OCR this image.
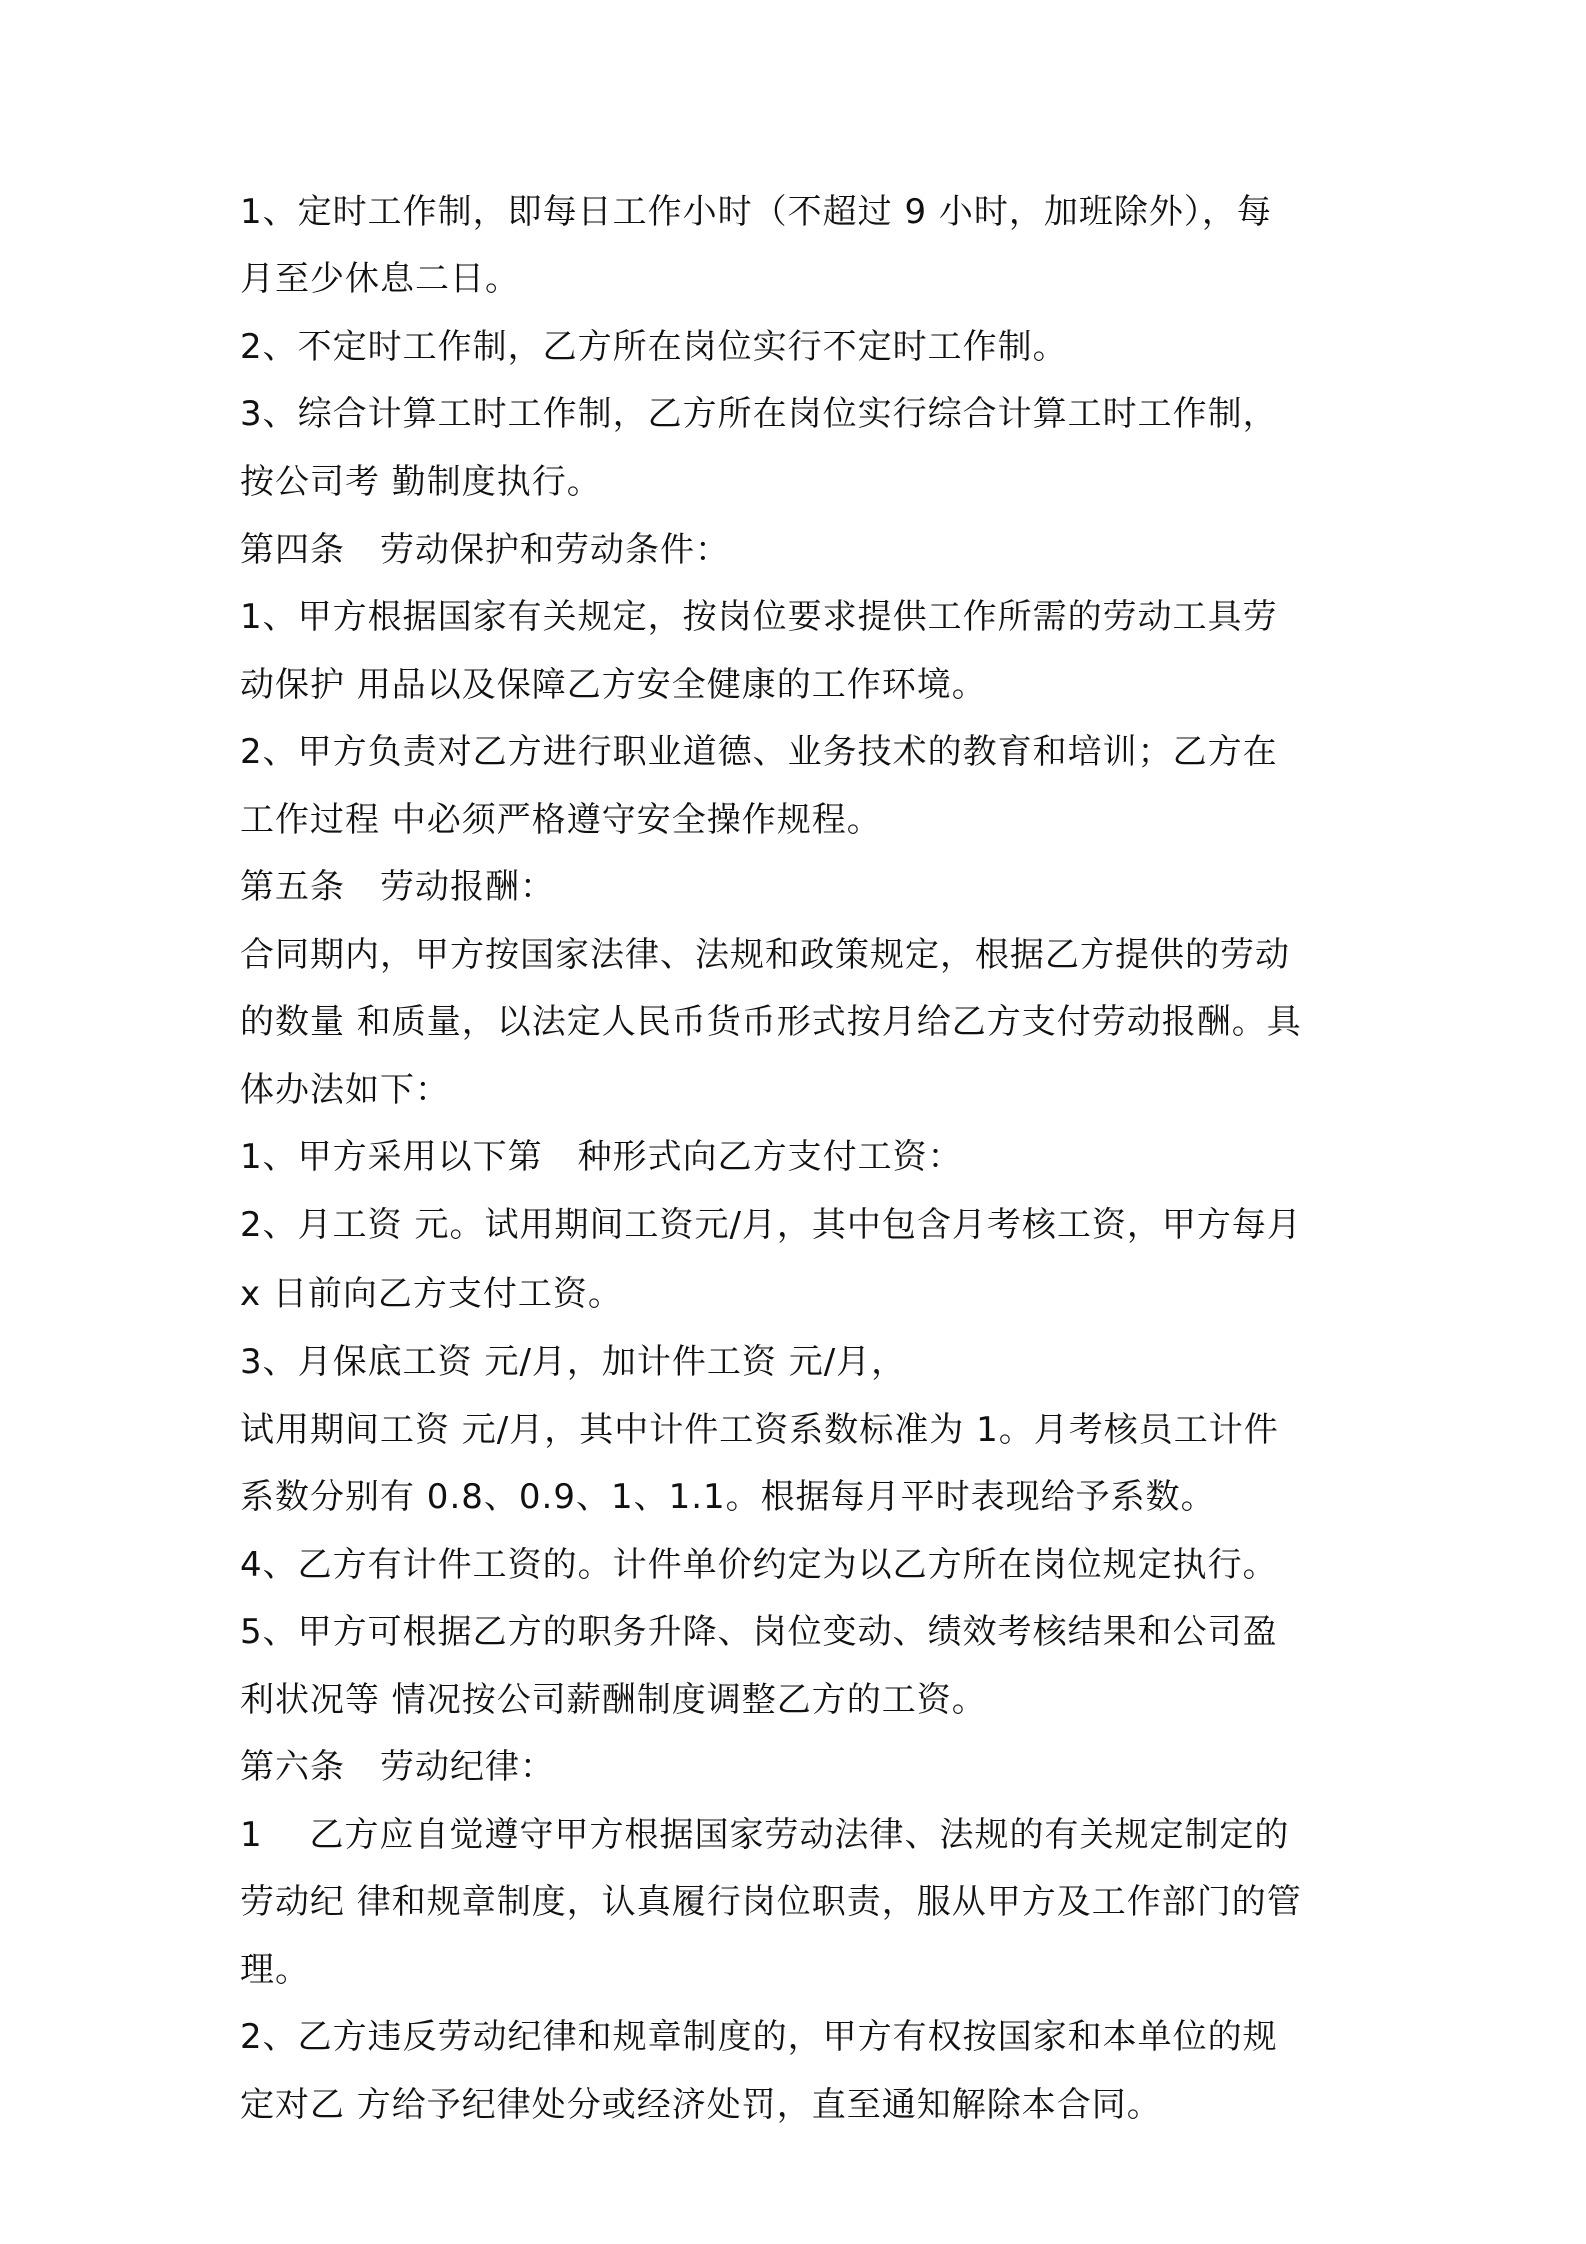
1、定时工作制，即每日工作小时（不超过 9 小时，加班除外），每
月至少休息二日。
2、不定时工作制，乙方所在岗位实行不定时工作制。
3、综合计算工时工作制，乙方所在岗位实行综合计算工时工作制，
按公司考 勤制度执行。
第四条　劳动保护和劳动条件：
1、甲方根据国家有关规定，按岗位要求提供工作所需的劳动工具劳
动保护 用品以及保障乙方安全健康的工作环境。
2、甲方负责对乙方进行职业道德、业务技术的教育和培训；乙方在
工作过程 中必须严格遵守安全操作规程。
第五条　劳动报酬：
合同期内，甲方按国家法律、法规和政策规定，根据乙方提供的劳动
的数量 和质量，以法定人民币货币形式按月给乙方支付劳动报酬。具
体办法如下：
1、甲方采用以下第　种形式向乙方支付工资：
2、月工资 元。试用期间工资元/月，其中包含月考核工资，甲方每月
x 日前向乙方支付工资。
3、月保底工资 元/月，加计件工资 元/月，
试用期间工资 元/月，其中计件工资系数标准为 1。月考核员工计件
系数分别有 0.8、0.9、1、1.1。根据每月平时表现给予系数。
4、乙方有计件工资的。计件单价约定为以乙方所在岗位规定执行。
5、甲方可根据乙方的职务升降、岗位变动、绩效考核结果和公司盈
利状况等 情况按公司薪酬制度调整乙方的工资。
第六条　劳动纪律：
1　 乙方应自觉遵守甲方根据国家劳动法律、法规的有关规定制定的
劳动纪 律和规章制度，认真履行岗位职责，服从甲方及工作部门的管
理。
2、乙方违反劳动纪律和规章制度的，甲方有权按国家和本单位的规
定对乙 方给予纪律处分或经济处罚，直至通知解除本合同。
